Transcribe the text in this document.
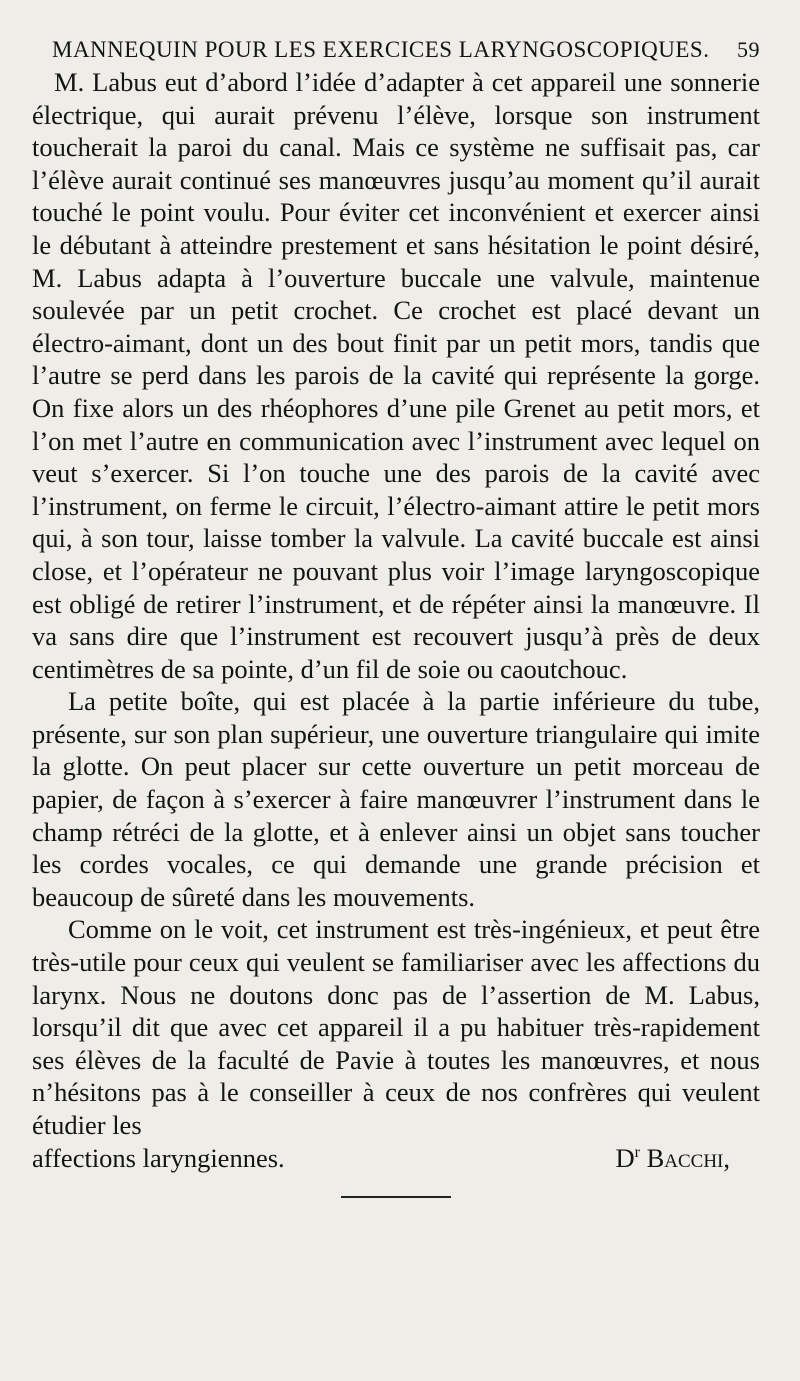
MANNEQUIN POUR LES EXERCICES LARYNGOSCOPIQUES. 59

M. Labus eut d’abord l’idée d’adapter à cet appareil une sonnerie électrique, qui aurait prévenu l’élève, lorsque son instrument toucherait la paroi du canal. Mais ce système ne suffisait pas, car l’élève aurait continué ses manœuvres jusqu’au moment qu’il aurait touché le point voulu. Pour éviter cet inconvénient et exercer ainsi le débutant à atteindre prestement et sans hésitation le point désiré, M. Labus adapta à l’ouverture buccale une valvule, maintenue soulevée par un petit crochet. Ce crochet est placé devant un électro-aimant, dont un des bout finit par un petit mors, tandis que l’autre se perd dans les parois de la cavité qui représente la gorge. On fixe alors un des rhéophores d’une pile Grenet au petit mors, et l’on met l’autre en communication avec l’instrument avec lequel on veut s’exercer. Si l’on touche une des parois de la cavité avec l’instrument, on ferme le circuit, l’électro-aimant attire le petit mors qui, à son tour, laisse tomber la valvule. La cavité buccale est ainsi close, et l’opérateur ne pouvant plus voir l’image laryngoscopique est obligé de retirer l’instrument, et de répéter ainsi la manœuvre. Il va sans dire que l’instrument est recouvert jusqu’à près de deux centimètres de sa pointe, d’un fil de soie ou caoutchouc.

La petite boîte, qui est placée à la partie inférieure du tube, présente, sur son plan supérieur, une ouverture triangulaire qui imite la glotte. On peut placer sur cette ouverture un petit morceau de papier, de façon à s’exercer à faire manœuvrer l’instrument dans le champ rétréci de la glotte, et à enlever ainsi un objet sans toucher les cordes vocales, ce qui demande une grande précision et beaucoup de sûreté dans les mouvements.

Comme on le voit, cet instrument est très-ingénieux, et peut être très-utile pour ceux qui veulent se familiariser avec les affections du larynx. Nous ne doutons donc pas de l’assertion de M. Labus, lorsqu’il dit que avec cet appareil il a pu habituer très-rapidement ses élèves de la faculté de Pavie à toutes les manœuvres, et nous n’hésitons pas à le conseiller à ceux de nos confrères qui veulent étudier les

affections laryngiennes.	$D^r$ Bacchi,
